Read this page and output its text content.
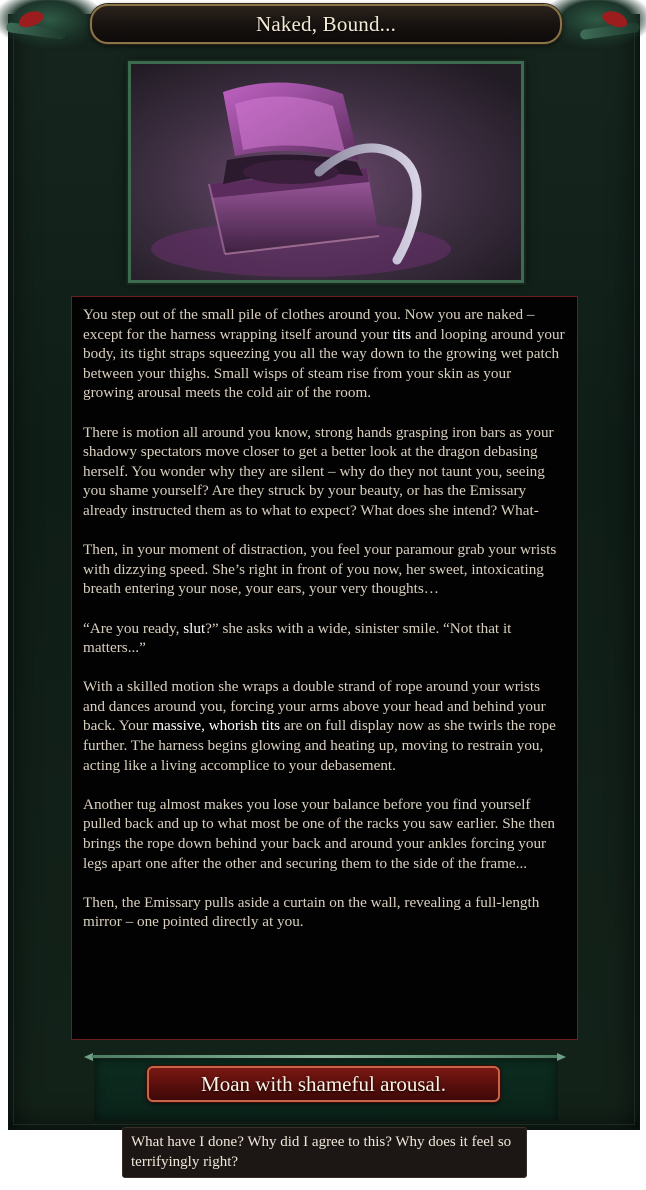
Naked, Bound...

You step out of the small pile of clothes around you. Now you are naked – except for the harness wrapping itself around your tits and looping around your body, its tight straps squeezing you all the way down to the growing wet patch between your thighs. Small wisps of steam rise from your skin as your growing arousal meets the cold air of the room.

There is motion all around you know, strong hands grasping iron bars as your shadowy spectators move closer to get a better look at the dragon debasing herself. You wonder why they are silent – why do they not taunt you, seeing you shame yourself? Are they struck by your beauty, or has the Emissary already instructed them as to what to expect? What does she intend? What-

Then, in your moment of distraction, you feel your paramour grab your wrists with dizzying speed. She’s right in front of you now, her sweet, intoxicating breath entering your nose, your ears, your very thoughts…

“Are you ready, slut?” she asks with a wide, sinister smile. “Not that it matters...”

With a skilled motion she wraps a double strand of rope around your wrists and dances around you, forcing your arms above your head and behind your back. Your massive, whorish tits are on full display now as she twirls the rope further. The harness begins glowing and heating up, moving to restrain you, acting like a living accomplice to your debasement.

Another tug almost makes you lose your balance before you find yourself pulled back and up to what most be one of the racks you saw earlier. She then brings the rope down behind your back and around your ankles forcing your legs apart one after the other and securing them to the side of the frame...

Then, the Emissary pulls aside a curtain on the wall, revealing a full-length mirror – one pointed directly at you.

Moan with shameful arousal.
What have I done? Why did I agree to this? Why does it feel so terrifyingly right?
